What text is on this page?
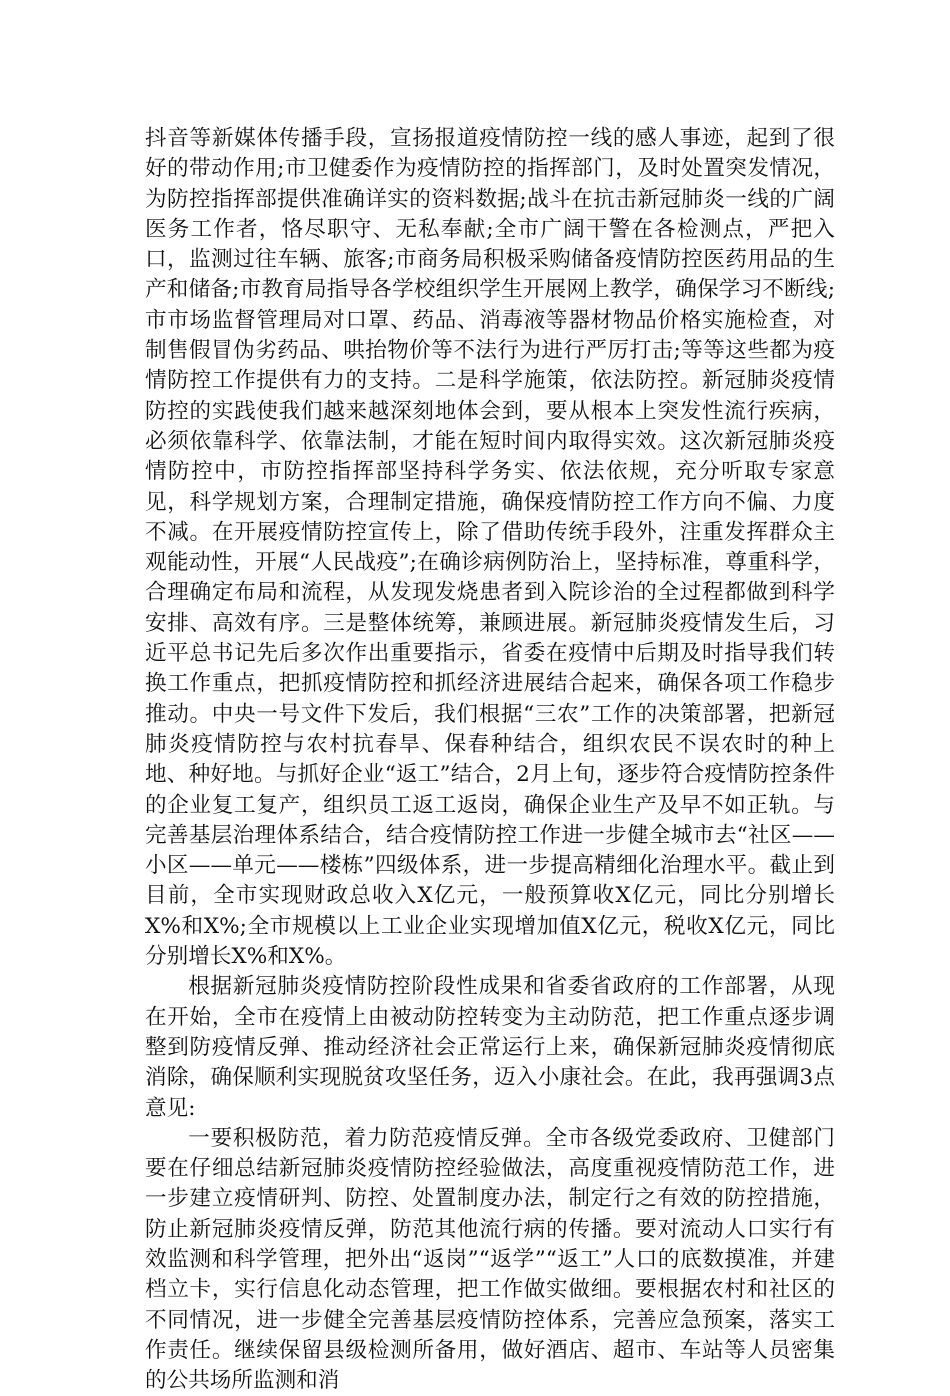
抖音等新媒体传播手段，宣扬报道疫情防控一线的感人事迹，起到了很好的带动作用;市卫健委作为疫情防控的指挥部门，及时处置突发情况，为防控指挥部提供准确详实的资料数据;战斗在抗击新冠肺炎一线的广阔医务工作者，恪尽职守、无私奉献;全市广阔干警在各检测点，严把入口，监测过往车辆、旅客;市商务局积极采购储备疫情防控医药用品的生产和储备;市教育局指导各学校组织学生开展网上教学，确保学习不断线;市市场监督管理局对口罩、药品、消毒液等器材物品价格实施检查，对制售假冒伪劣药品、哄抬物价等不法行为进行严厉打击;等等这些都为疫情防控工作提供有力的支持。二是科学施策，依法防控。新冠肺炎疫情防控的实践使我们越来越深刻地体会到，要从根本上突发性流行疾病，必须依靠科学、依靠法制，才能在短时间内取得实效。这次新冠肺炎疫情防控中，市防控指挥部坚持科学务实、依法依规，充分听取专家意见，科学规划方案，合理制定措施，确保疫情防控工作方向不偏、力度不减。在开展疫情防控宣传上，除了借助传统手段外，注重发挥群众主观能动性，开展“人民战疫”;在确诊病例防治上，坚持标准，尊重科学，合理确定布局和流程，从发现发烧患者到入院诊治的全过程都做到科学安排、高效有序。三是整体统筹，兼顾进展。新冠肺炎疫情发生后，习近平总书记先后多次作出重要指示，省委在疫情中后期及时指导我们转换工作重点，把抓疫情防控和抓经济进展结合起来，确保各项工作稳步推动。中央一号文件下发后，我们根据“三农”工作的决策部署，把新冠肺炎疫情防控与农村抗春旱、保春种结合，组织农民不误农时的种上地、种好地。与抓好企业“返工”结合，2月上旬，逐步符合疫情防控条件的企业复工复产，组织员工返工返岗，确保企业生产及早不如正轨。与完善基层治理体系结合，结合疫情防控工作进一步健全城市去“社区——小区——单元——楼栋”四级体系，进一步提高精细化治理水平。截止到目前，全市实现财政总收入X亿元，一般预算收X亿元，同比分别增长X%和X%;全市规模以上工业企业实现增加值X亿元，税收X亿元，同比分别增长X%和X%。

根据新冠肺炎疫情防控阶段性成果和省委省政府的工作部署，从现在开始，全市在疫情上由被动防控转变为主动防范，把工作重点逐步调整到防疫情反弹、推动经济社会正常运行上来，确保新冠肺炎疫情彻底消除，确保顺利实现脱贫攻坚任务，迈入小康社会。在此，我再强调3点意见:

一要积极防范，着力防范疫情反弹。全市各级党委政府、卫健部门要在仔细总结新冠肺炎疫情防控经验做法，高度重视疫情防范工作，进一步建立疫情研判、防控、处置制度办法，制定行之有效的防控措施，防止新冠肺炎疫情反弹，防范其他流行病的传播。要对流动人口实行有效监测和科学管理，把外出“返岗”“返学”“返工”人口的底数摸准，并建档立卡，实行信息化动态管理，把工作做实做细。要根据农村和社区的不同情况，进一步健全完善基层疫情防控体系，完善应急预案，落实工作责任。继续保留县级检测所备用，做好酒店、超市、车站等人员密集的公共场所监测和消
